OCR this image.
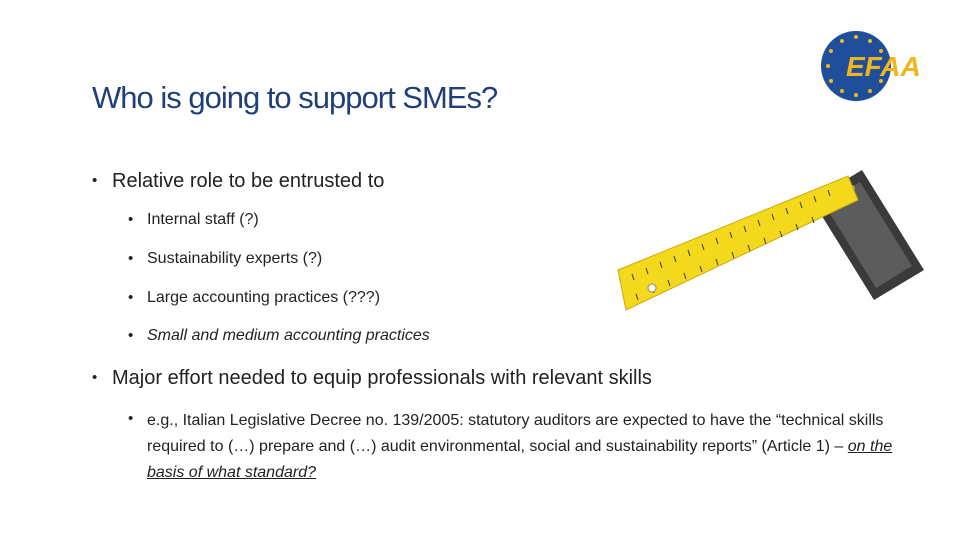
Who is going to support SMEs?
EFAA
• Relative role to be entrusted to
• Internal staff (?)
• Sustainability experts (?)
• Large accounting practices (???)
• Small and medium accounting practices
• Major effort needed to equip professionals with relevant skills
• e.g., Italian Legislative Decree no. 139/2005: statutory auditors are expected to have the “technical skills required to (…) prepare and (…) audit environmental, social and sustainability reports” (Article 1) – on the basis of what standard?
